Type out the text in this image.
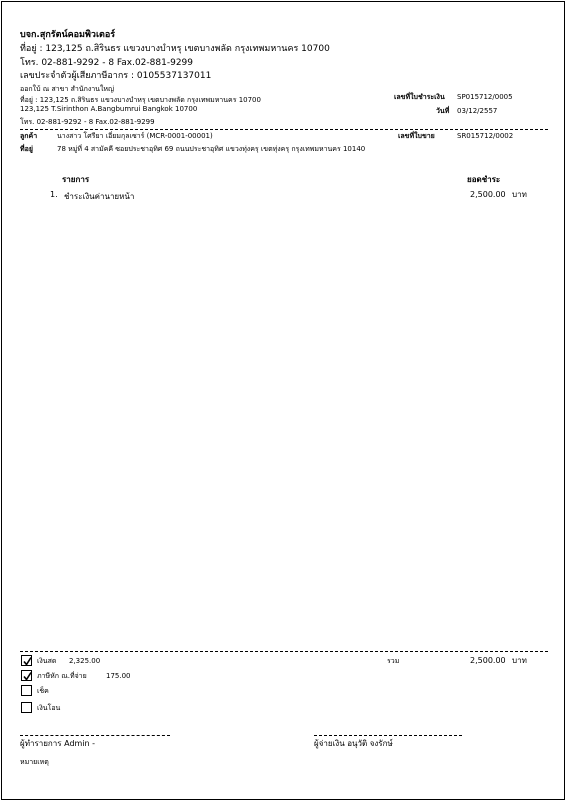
บจก.สุกรัตน์คอมพิวเตอร์
ที่อยู่ : 123,125 ถ.สิรินธร แขวงบางบำหรุ เขตบางพลัด กรุงเทพมหานคร 10700
โทร. 02-881-9292 - 8 Fax.02-881-9299
เลขประจำตัวผู้เสียภาษีอากร : 0105537137011
ออกใบ้ ณ สาขา สำนักงานใหญ่
ที่อยู่ : 123,125 ถ.สิรินธร แขวงบางบำหรุ เขตบางพลัด กรุงเทพมหานคร 10700
123,125 T.Sirinthon A.Bangbumrui Bangkok 10700
โทร. 02-881-9292 - 8 Fax.02-881-9299
เลขที่ใบชำระเงิน SP015712/0005
วันที่ 03/12/2557
ลูกค้า	นางสาว โศรียา เอี่ยมกุลเซาร์ (MCR-0001-00001)	เลขที่ใบขาย	SR015712/0002
ที่อยู่	78 หมู่ที่ 4 สามัคคี ซอยประชาอุทิศ 69 ถนนประชาอุทิศ แขวงทุ่งครุ เขตทุ่งครุ กรุงเทพมหานคร 10140
รายการ	ยอดชำระ
1. ชำระเงินค่านายหน้า	2,500.00 บาท
เงินสด 2,325.00
ภาษีหัก ณ.ที่จ่าย	175.00
เช็ค
เงินโอน
รวม	2,500.00 บาท
ผู้ทำรายการ Admin -	ผู้จ่ายเงิน อนุวัติ จงรักษ์
หมายเหตุ
